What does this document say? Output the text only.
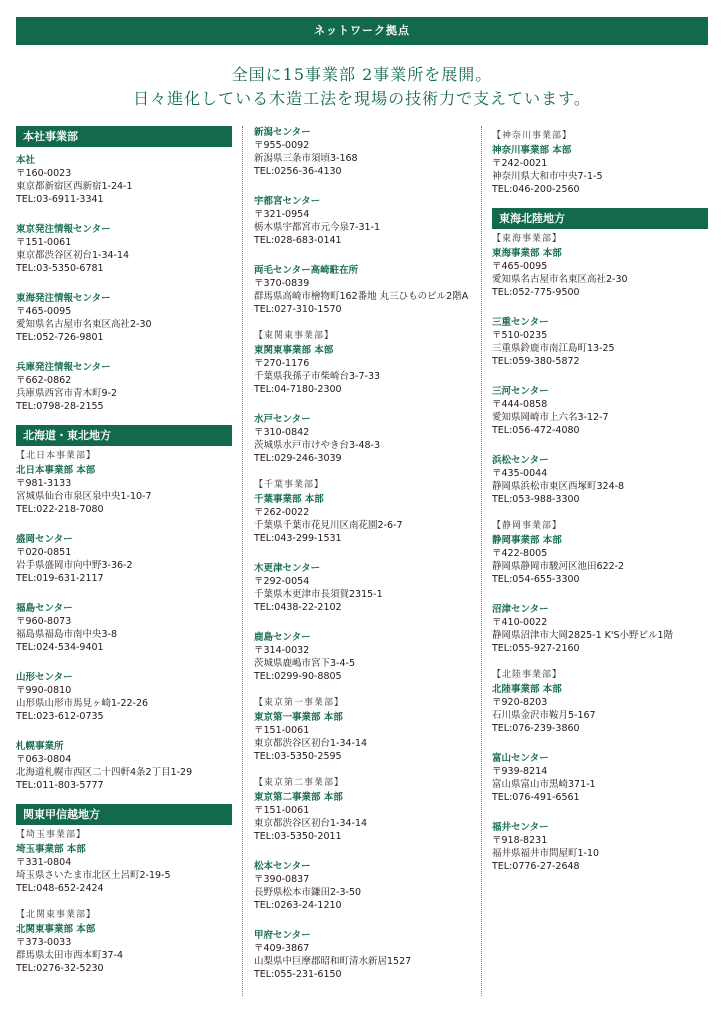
ネットワーク拠点
全国に15事業部 2事業所を展開。
日々進化している木造工法を現場の技術力で支えています。
本社事業部
本社
〒160-0023
東京都新宿区西新宿1-24-1
TEL:03-6911-3341
東京発注情報センター
〒151-0061
東京都渋谷区初台1-34-14
TEL:03-5350-6781
東海発注情報センター
〒465-0095
愛知県名古屋市名東区高社2-30
TEL:052-726-9801
兵庫発注情報センター
〒662-0862
兵庫県西宮市青木町9-2
TEL:0798-28-2155
北海道・東北地方
【北日本事業部】
北日本事業部 本部
〒981-3133
宮城県仙台市泉区泉中央1-10-7
TEL:022-218-7080
盛岡センター
〒020-0851
岩手県盛岡市向中野3-36-2
TEL:019-631-2117
福島センター
〒960-8073
福島県福島市南中央3-8
TEL:024-534-9401
山形センター
〒990-0810
山形県山形市馬見ヶ崎1-22-26
TEL:023-612-0735
札幌事業所
〒063-0804
北海道札幌市西区二十四軒4条2丁目1-29
TEL:011-803-5777
関東甲信越地方
【埼玉事業部】
埼玉事業部 本部
〒331-0804
埼玉県さいたま市北区土呂町2-19-5
TEL:048-652-2424
【北関東事業部】
北関東事業部 本部
〒373-0033
群馬県太田市西本町37-4
TEL:0276-32-5230
新潟センター
〒955-0092
新潟県三条市須頃3-168
TEL:0256-36-4130
宇都宮センター
〒321-0954
栃木県宇都宮市元今泉7-31-1
TEL:028-683-0141
両毛センター高崎駐在所
〒370-0839
群馬県高崎市檜物町162番地 丸三ひものビル2階A
TEL:027-310-1570
【東関東事業部】
東関東事業部 本部
〒270-1176
千葉県我孫子市柴崎台3-7-33
TEL:04-7180-2300
水戸センター
〒310-0842
茨城県水戸市けやき台3-48-3
TEL:029-246-3039
【千葉事業部】
千葉事業部 本部
〒262-0022
千葉県千葉市花見川区南花園2-6-7
TEL:043-299-1531
木更津センター
〒292-0054
千葉県木更津市長須賀2315-1
TEL:0438-22-2102
鹿島センター
〒314-0032
茨城県鹿嶋市宮下3-4-5
TEL:0299-90-8805
【東京第一事業部】
東京第一事業部 本部
〒151-0061
東京都渋谷区初台1-34-14
TEL:03-5350-2595
【東京第二事業部】
東京第二事業部 本部
〒151-0061
東京都渋谷区初台1-34-14
TEL:03-5350-2011
松本センター
〒390-0837
長野県松本市鎌田2-3-50
TEL:0263-24-1210
甲府センター
〒409-3867
山梨県中巨摩郡昭和町清水新居1527
TEL:055-231-6150
【神奈川事業部】
神奈川事業部 本部
〒242-0021
神奈川県大和市中央7-1-5
TEL:046-200-2560
東海北陸地方
【東海事業部】
東海事業部 本部
〒465-0095
愛知県名古屋市名東区高社2-30
TEL:052-775-9500
三重センター
〒510-0235
三重県鈴鹿市南江島町13-25
TEL:059-380-5872
三河センター
〒444-0858
愛知県岡崎市上六名3-12-7
TEL:056-472-4080
浜松センター
〒435-0044
静岡県浜松市東区西塚町324-8
TEL:053-988-3300
【静岡事業部】
静岡事業部 本部
〒422-8005
静岡県静岡市駿河区池田622-2
TEL:054-655-3300
沼津センター
〒410-0022
静岡県沼津市大岡2825-1 K'S小野ビル1階
TEL:055-927-2160
【北陸事業部】
北陸事業部 本部
〒920-8203
石川県金沢市鞍月5-167
TEL:076-239-3860
富山センター
〒939-8214
富山県富山市黒崎371-1
TEL:076-491-6561
福井センター
〒918-8231
福井県福井市問屋町1-10
TEL:0776-27-2648
